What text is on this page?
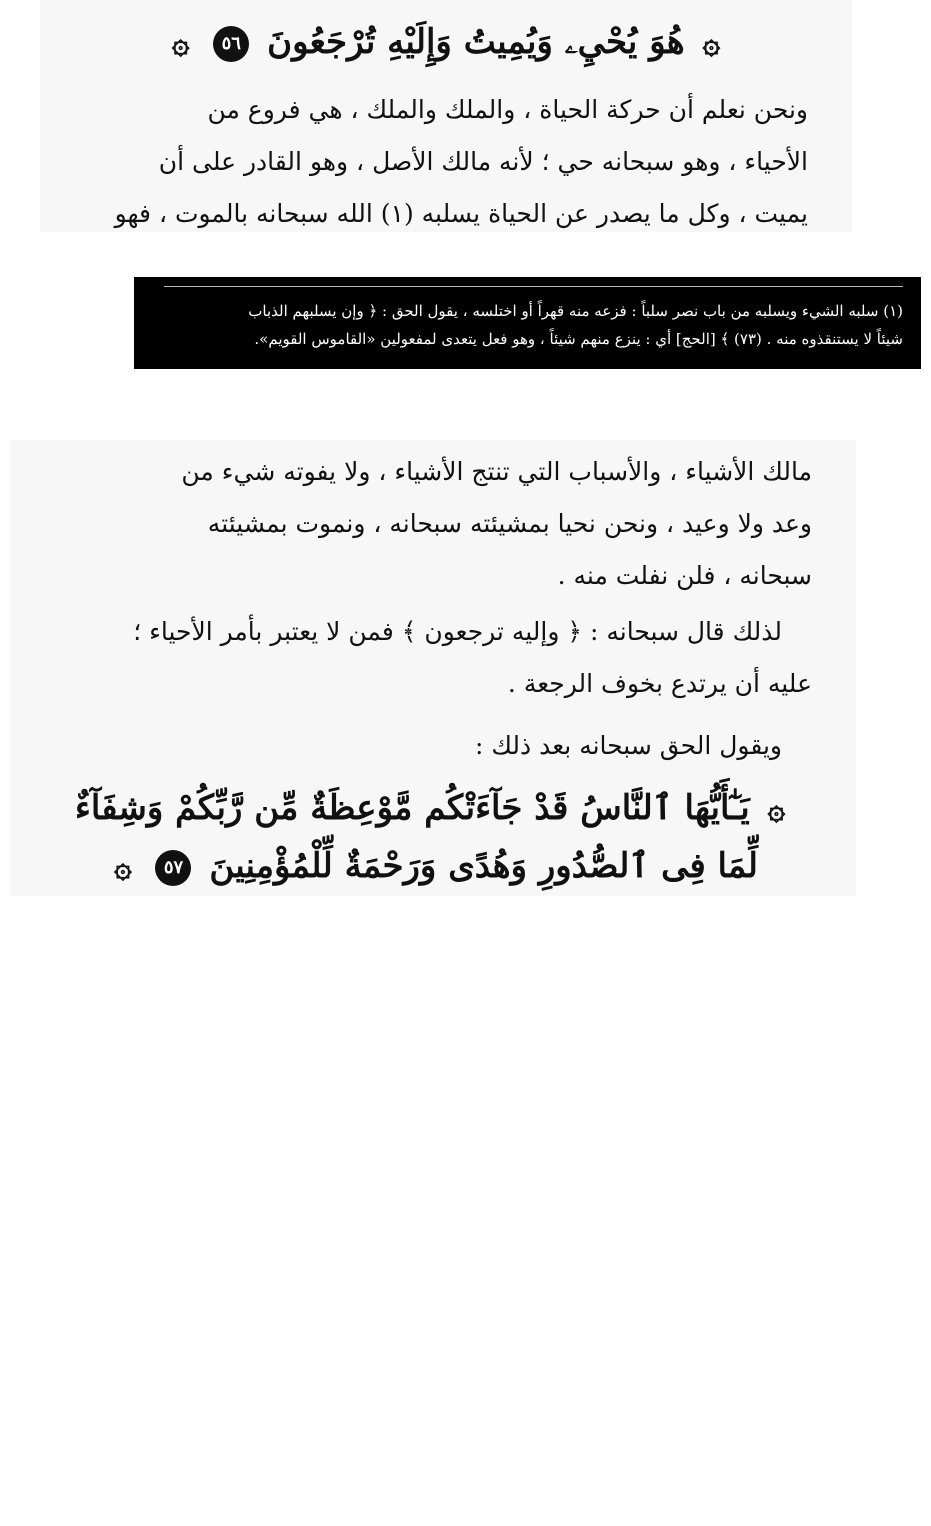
۞ هُوَ يُحْيِۦ وَيُمِيتُ وَإِلَيْهِ تُرْجَعُونَ ٥٦ ۞

ونحن نعلم أن حركة الحياة ، والملك والملك ، هي فروع من

الأحياء ، وهو سبحانه حي ؛ لأنه مالك الأصل ، وهو القادر على أن

يميت ، وكل ما يصدر عن الحياة يسلبه (١) الله سبحانه بالموت ، فهو

(١) سلبه الشيء ويسلبه من باب نصر سلباً : فزعه منه قهراً أو اختلسه ، يقول الحق : ﴿ وإن يسلبهم الذباب

شيئاً لا يستنقذوه منه . (٧٣) ﴾ [الحج] أي : ينزع منهم شيئاً ، وهو فعل يتعدى لمفعولين «القاموس القويم».

مالك الأشياء ، والأسباب التي تنتج الأشياء ، ولا يفوته شيء من

وعد ولا وعيد ، ونحن نحيا بمشيئته سبحانه ، ونموت بمشيئته

سبحانه ، فلن نفلت منه .

لذلك قال سبحانه : ﴿ وإليه ترجعون ﴾ فمن لا يعتبر بأمر الأحياء ؛

عليه أن يرتدع بخوف الرجعة .

ويقول الحق سبحانه بعد ذلك :

۞ يَـٰٓأَيُّهَا ٱلنَّاسُ قَدْ جَآءَتْكُم مَّوْعِظَةٌ مِّن رَّبِّكُمْ وَشِفَآءٌ
لِّمَا فِى ٱلصُّدُورِ وَهُدًى وَرَحْمَةٌ لِّلْمُؤْمِنِينَ ٥٧ ۞
